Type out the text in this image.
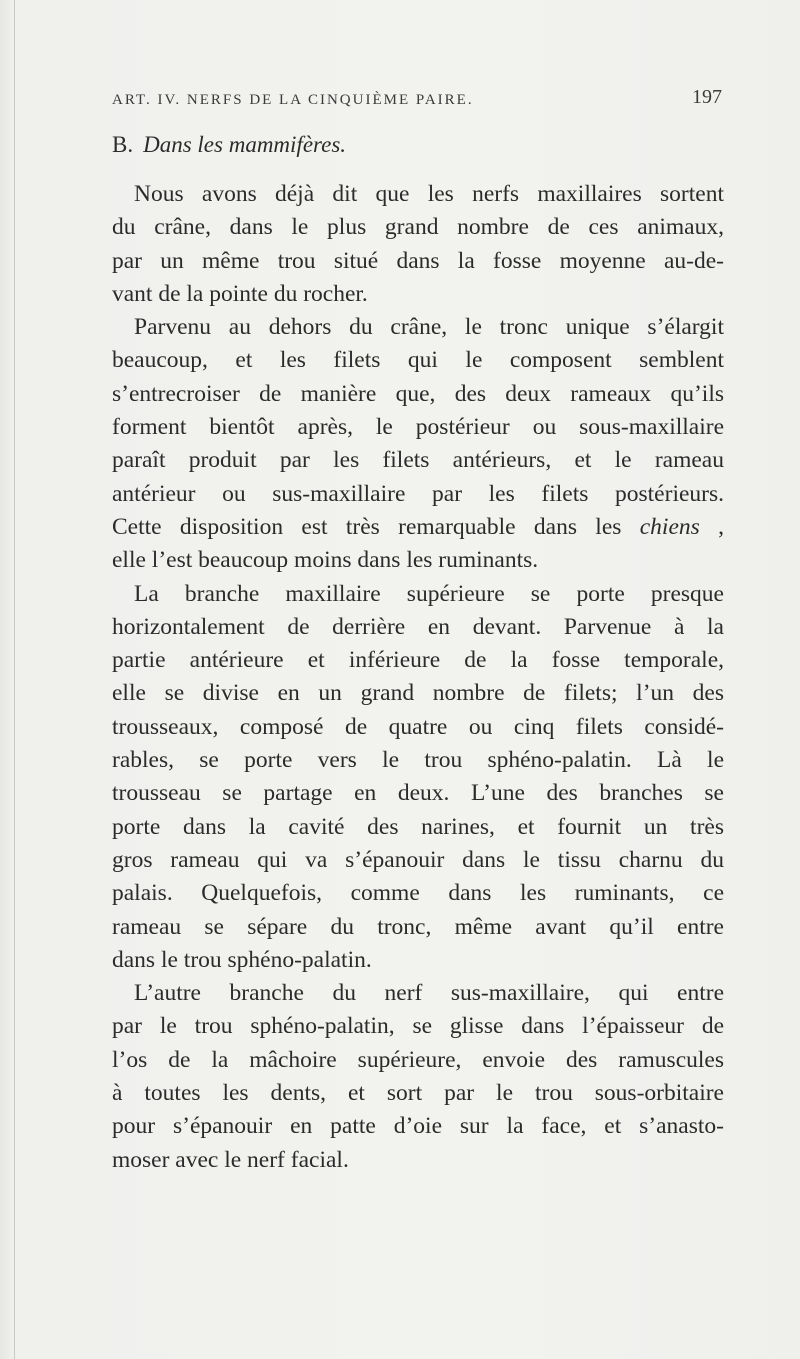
ART. IV. NERFS DE LA CINQUIÈME PAIRE.	197
B. Dans les mammifères.
Nous avons déjà dit que les nerfs maxillaires sortent
du crâne, dans le plus grand nombre de ces animaux,
par un même trou situé dans la fosse moyenne au-de-
vant de la pointe du rocher.
Parvenu au dehors du crâne, le tronc unique s’élargit
beaucoup, et les filets qui le composent semblent
s’entrecroiser de manière que, des deux rameaux qu’ils
forment bientôt après, le postérieur ou sous-maxillaire
paraît produit par les filets antérieurs, et le rameau
antérieur ou sus-maxillaire par les filets postérieurs.
Cette disposition est très remarquable dans les chiens ,
elle l’est beaucoup moins dans les ruminants.
La branche maxillaire supérieure se porte presque
horizontalement de derrière en devant. Parvenue à la
partie antérieure et inférieure de la fosse temporale,
elle se divise en un grand nombre de filets; l’un des
trousseaux, composé de quatre ou cinq filets considé-
rables, se porte vers le trou sphéno-palatin. Là le
trousseau se partage en deux. L’une des branches se
porte dans la cavité des narines, et fournit un très
gros rameau qui va s’épanouir dans le tissu charnu du
palais. Quelquefois, comme dans les ruminants, ce
rameau se sépare du tronc, même avant qu’il entre
dans le trou sphéno-palatin.
L’autre branche du nerf sus-maxillaire, qui entre
par le trou sphéno-palatin, se glisse dans l’épaisseur de
l’os de la mâchoire supérieure, envoie des ramuscules
à toutes les dents, et sort par le trou sous-orbitaire
pour s’épanouir en patte d’oie sur la face, et s’anasto-
moser avec le nerf facial.
